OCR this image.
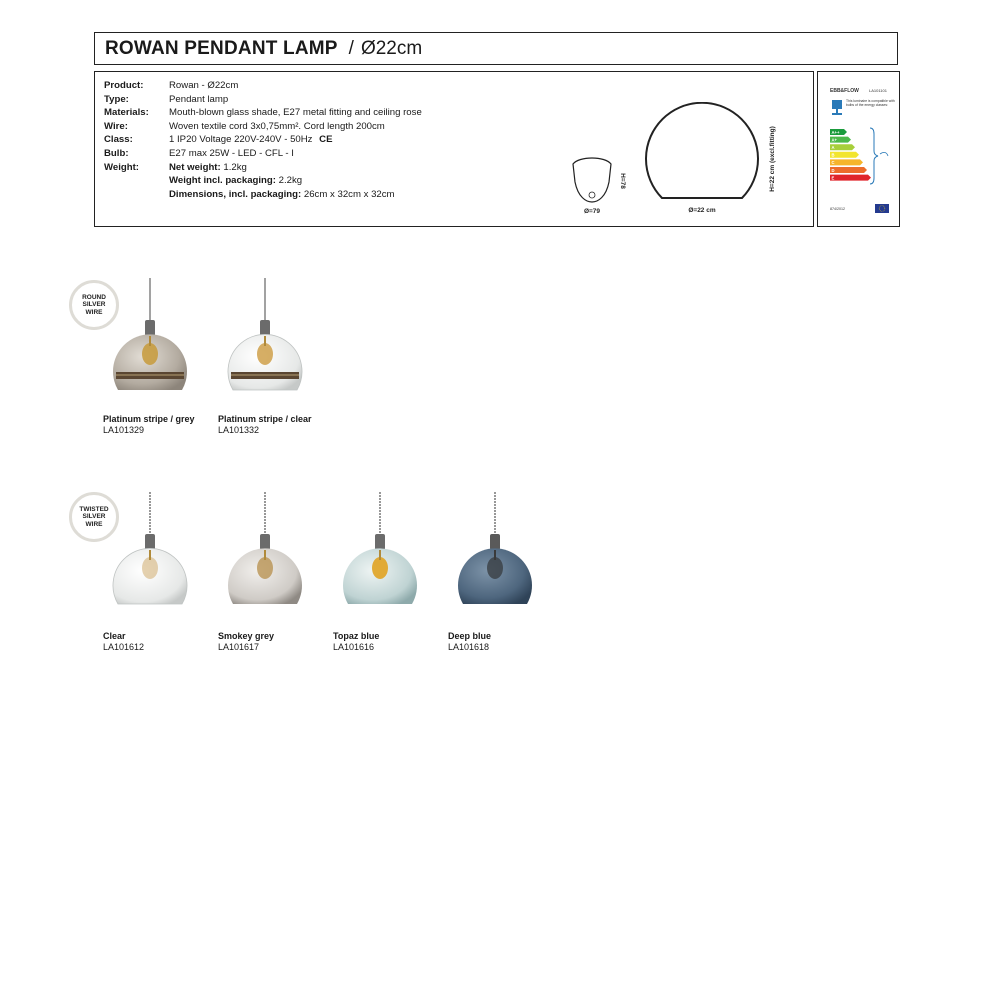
ROWAN PENDANT LAMP / Ø22cm
Product:	Rowan - Ø22cm
Type:	Pendant lamp
Materials:	Mouth-blown glass shade, E27 metal fitting and ceiling rose
Wire:	Woven textile cord 3x0,75mm². Cord length 200cm
Class:	1 IP20 Voltage 220V-240V - 50Hz CE
Bulb:	E27 max 25W - LED - CFL - I
Weight:	Net weight: 1.2kg
	Weight incl. packaging: 2.2kg
	Dimensions, incl. packaging: 26cm x 32cm x 32cm
Ø=79
H=78
Ø=22 cm
H=22 cm (excl.fitting)
EBB&FLOW	LA101101
This luminaire is compatible with bulbs of the energy classes:
A++
A+
A
B
C
D
E
874/2012
ROUND
SILVER
WIRE
Platinum stripe / grey
LA101329
Platinum stripe / clear
LA101332
TWISTED
SILVER
WIRE
Clear
LA101612
Smokey grey
LA101617
Topaz blue
LA101616
Deep blue
LA101618
